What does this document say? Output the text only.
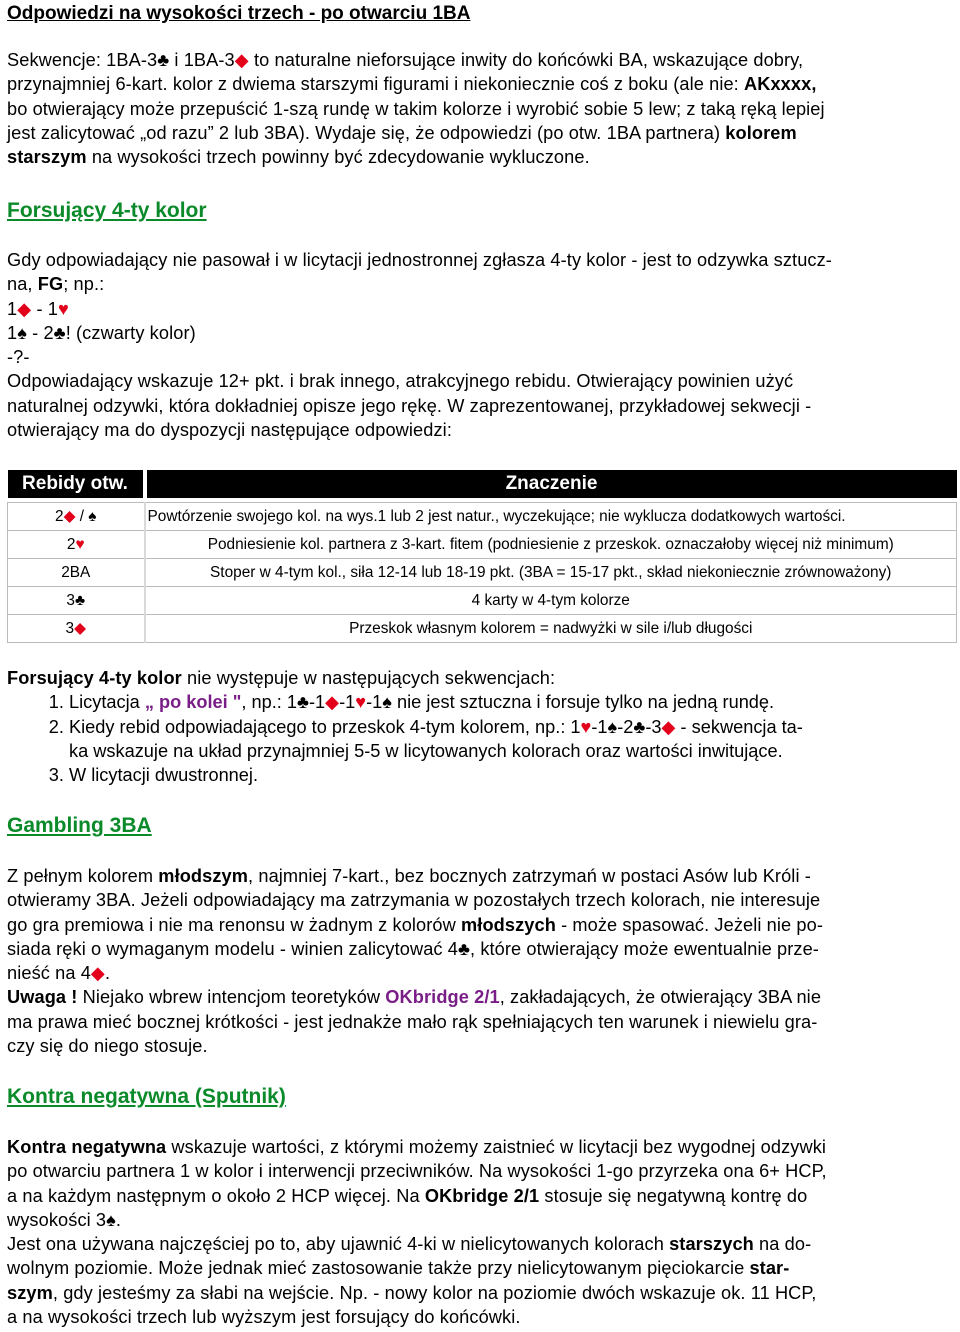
Odpowiedzi na wysokości trzech - po otwarciu 1BA

Sekwencje: 1BA-3♣ i 1BA-3◆ to naturalne nieforsujące inwity do końcówki BA, wskazujące dobry,

przynajmniej 6-kart. kolor z dwiema starszymi figurami i niekoniecznie coś z boku (ale nie: AKxxxx,

bo otwierający może przepuścić 1-szą rundę w takim kolorze i wyrobić sobie 5 lew; z taką ręką lepiej

jest zalicytować „od razu” 2 lub 3BA). Wydaje się, że odpowiedzi (po otw. 1BA partnera) kolorem

starszym na wysokości trzech powinny być zdecydowanie wykluczone.

Forsujący 4-ty kolor

Gdy odpowiadający nie pasował i w licytacji jednostronnej zgłasza 4-ty kolor - jest to odzywka sztucz-

na, FG; np.:

1◆ - 1♥

1♠ - 2♣! (czwarty kolor)

-?-

Odpowiadający wskazuje 12+ pkt. i brak innego, atrakcyjnego rebidu. Otwierający powinien użyć

naturalnej odzywki, która dokładniej opisze jego rękę. W zaprezentowanej, przykładowej sekwecji -

otwierający ma do dyspozycji następujące odpowiedzi:

Rebidy otw.	Znaczenie

2◆ / ♠	Powtórzenie swojego kol. na wys.1 lub 2 jest natur., wyczekujące; nie wyklucza dodatkowych wartości.
2♥	Podniesienie kol. partnera z 3-kart. fitem (podniesienie z przeskok. oznaczałoby więcej niż minimum)
2BA	Stoper w 4-tym kol., siła 12-14 lub 18-19 pkt. (3BA = 15-17 pkt., skład niekoniecznie zrównoważony)
3♣	4 karty w 4-tym kolorze
3◆	Przeskok własnym kolorem = nadwyżki w sile i/lub długości

Forsujący 4-ty kolor nie występuje w następujących sekwencjach:

1. Licytacja „ po kolei ", np.: 1♣-1◆-1♥-1♠ nie jest sztuczna i forsuje tylko na jedną rundę.
2. Kiedy rebid odpowiadającego to przeskok 4-tym kolorem, np.: 1♥-1♠-2♣-3◆ - sekwencja ta-
ka wskazuje na układ przynajmniej 5-5 w licytowanych kolorach oraz wartości inwitujące.
3. W licytacji dwustronnej.

Gambling 3BA

Z pełnym kolorem młodszym, najmniej 7-kart., bez bocznych zatrzymań w postaci Asów lub Króli -

otwieramy 3BA. Jeżeli odpowiadający ma zatrzymania w pozostałych trzech kolorach, nie interesuje

go gra premiowa i nie ma renonsu w żadnym z kolorów młodszych - może spasować. Jeżeli nie po-

siada ręki o wymaganym modelu - winien zalicytować 4♣, które otwierający może ewentualnie prze-

nieść na 4◆.

Uwaga ! Niejako wbrew intencjom teoretyków OKbridge 2/1, zakładających, że otwierający 3BA nie

ma prawa mieć bocznej krótkości - jest jednakże mało rąk spełniających ten warunek i niewielu gra-

czy się do niego stosuje.

Kontra negatywna (Sputnik)

Kontra negatywna wskazuje wartości, z którymi możemy zaistnieć w licytacji bez wygodnej odzywki

po otwarciu partnera 1 w kolor i interwencji przeciwników. Na wysokości 1-go przyrzeka ona 6+ HCP,

a na każdym następnym o około 2 HCP więcej. Na OKbridge 2/1 stosuje się negatywną kontrę do

wysokości 3♠.

Jest ona używana najczęściej po to, aby ujawnić 4-ki w nielicytowanych kolorach starszych na do-

wolnym poziomie. Może jednak mieć zastosowanie także przy nielicytowanym pięciokarcie star-

szym, gdy jesteśmy za słabi na wejście. Np. - nowy kolor na poziomie dwóch wskazuje ok. 11 HCP,

a na wysokości trzech lub wyższym jest forsujący do końcówki.
